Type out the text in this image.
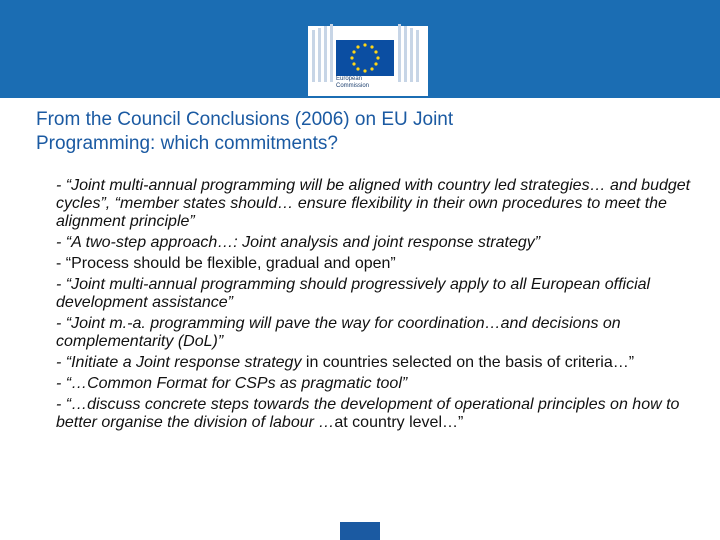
European
Commission
From the Council Conclusions (2006) on EU Joint
Programming: which commitments?

- “Joint multi-annual programming will be aligned with country led strategies… and budget cycles”, “member states should… ensure flexibility in their own procedures to meet the alignment principle”

- “A two-step approach…: Joint analysis and joint response strategy”

- “Process should be flexible, gradual and open”

- “Joint multi-annual programming should progressively apply to all European official development assistance”

- “Joint m.-a. programming will pave the way for coordination…and decisions on complementarity (DoL)”

- “Initiate a Joint response strategy in countries selected on the basis of criteria…”

- “…Common Format for CSPs as pragmatic tool”

- “…discuss concrete steps towards the development of operational principles on how to better organise the division of labour …at country level…”
